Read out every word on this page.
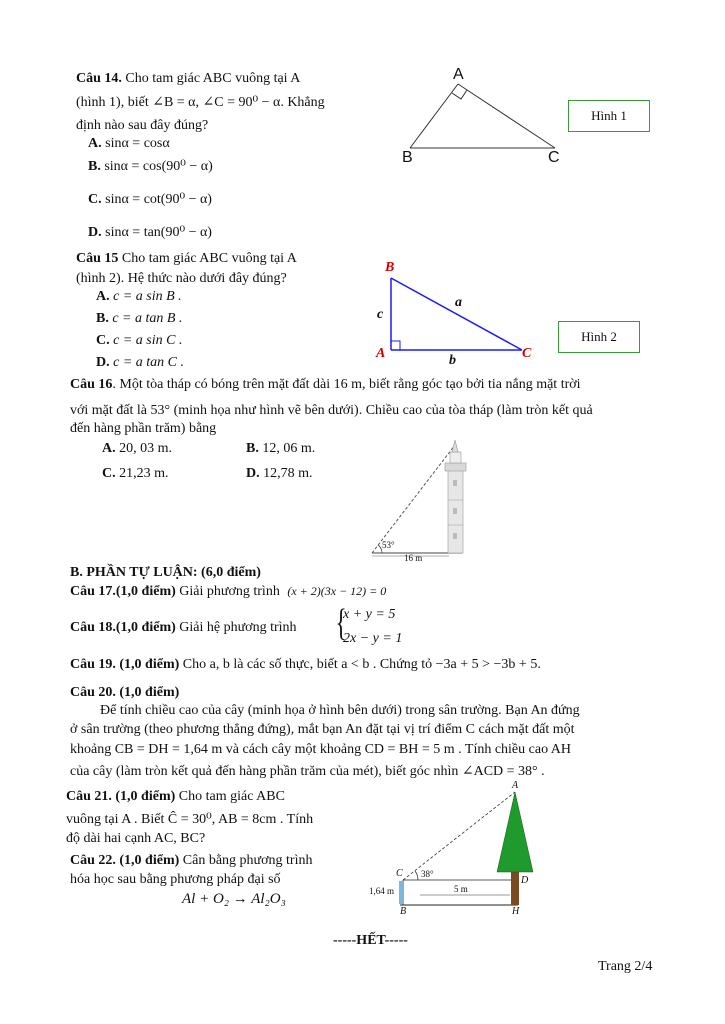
Câu 14. Cho tam giác ABC vuông tại A
(hình 1), biết ∠B = α, ∠C = 90⁰ − α. Khẳng
định nào sau đây đúng?
A. sinα = cosα
B. sinα = cos(90⁰ − α)
C. sinα = cot(90⁰ − α)
D. sinα = tan(90⁰ − α)
A
B	C
Hình 1
Câu 15 Cho tam giác ABC vuông tại A
(hình 2). Hệ thức nào dưới đây đúng?
A. c = a sin B .
B. c = a tan B .
C. c = a sin C .
D. c = a tan C .
B
A	C
a
b
c
Hình 2
Câu 16. Một tòa tháp có bóng trên mặt đất dài 16 m, biết rằng góc tạo bởi tia nắng mặt trời
với mặt đất là 53° (minh họa như hình vẽ bên dưới). Chiều cao của tòa tháp (làm tròn kết quả
đến hàng phần trăm) bằng
A. 20, 03 m.	B. 12, 06 m.
C. 21,23 m.	D. 12,78 m.
53°
16 m
B. PHẦN TỰ LUẬN: (6,0 điểm)
Câu 17.(1,0 điểm) Giải phương trình (x + 2)(3x − 12) = 0
Câu 18.(1,0 điểm) Giải hệ phương trình {
x + y = 5
2x − y = 1
Câu 19. (1,0 điểm) Cho a, b là các số thực, biết a < b . Chứng tỏ −3a + 5 > −3b + 5.
Câu 20. (1,0 điểm)
Để tính chiều cao của cây (minh họa ở hình bên dưới) trong sân trường. Bạn An đứng
ở sân trường (theo phương thẳng đứng), mắt bạn An đặt tại vị trí điểm C cách mặt đất một
khoảng CB = DH = 1,64 m và cách cây một khoảng CD = BH = 5 m . Tính chiều cao AH
của cây (làm tròn kết quả đến hàng phần trăm của mét), biết góc nhìn ∠ACD = 38° .
Câu 21. (1,0 điểm) Cho tam giác ABC
vuông tại A . Biết Ĉ = 30⁰, AB = 8cm . Tính
độ dài hai cạnh AC, BC?
Câu 22. (1,0 điểm) Cân bằng phương trình
hóa học sau bằng phương pháp đại số
Al + O₂ → Al₂O₃
A
C
D
B	H
38°
1,64 m	5 m
-----HẾT-----
Trang 2/4
